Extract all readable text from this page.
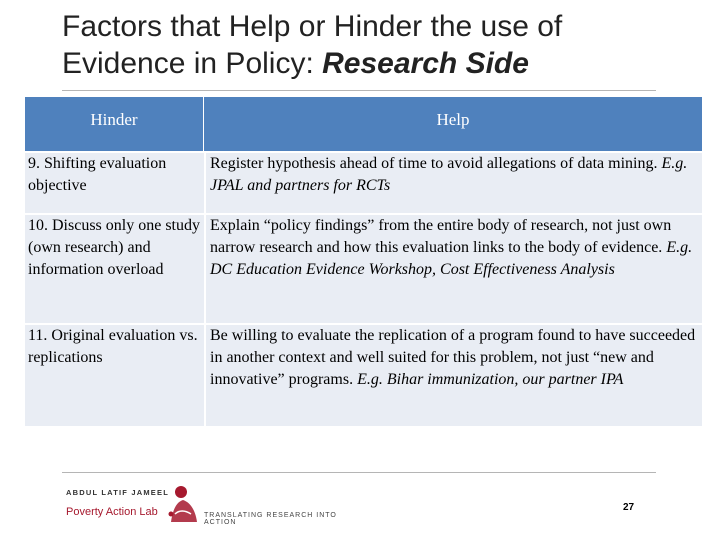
Factors that Help or Hinder the use of
Evidence in Policy: Research Side
Hinder	Help
9. Shifting evaluation objective
Register hypothesis ahead of time to avoid allegations of data mining. E.g. JPAL and partners for RCTs
10. Discuss only one study (own research) and information overload
Explain “policy findings” from the entire body of research, not just own narrow research and how this evaluation links to the body of evidence. E.g. DC Education Evidence Workshop, Cost Effectiveness Analysis
11. Original evaluation vs. replications
Be willing to evaluate the replication of a program found to have succeeded in another context and well suited for this problem, not just “new and innovative” programs. E.g. Bihar immunization, our partner IPA
ABDUL LATIF JAMEEL
Poverty Action Lab	TRANSLATING RESEARCH INTO ACTION
27
